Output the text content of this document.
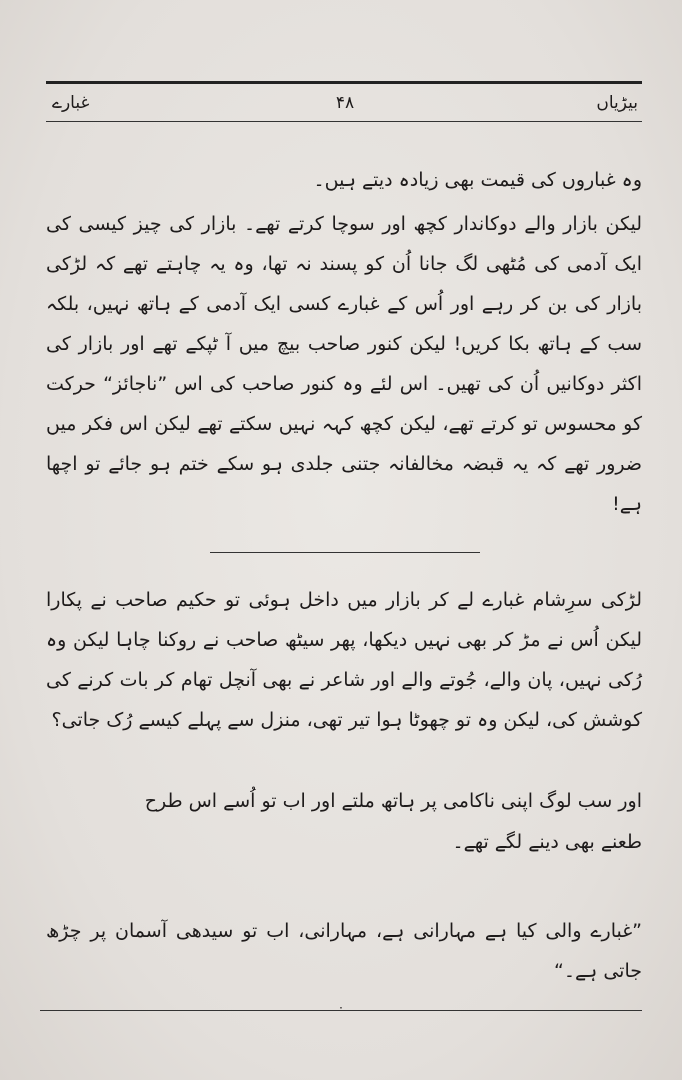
بیڑیاں
۴۸
غبارے
وہ غباروں کی قیمت بھی زیادہ دیتے ہیں۔
لیکن بازار والے دوکاندار کچھ اور سوچا کرتے تھے۔ بازار کی چیز کیسی کی ایک آدمی کی مُٹھی لگ جانا اُن کو پسند نہ تھا، وہ یہ چاہتے تھے کہ لڑکی بازار کی بن کر رہے اور اُس کے غبارے کسی ایک آدمی کے ہاتھ نہیں، بلکہ سب کے ہاتھ بکا کریں! لیکن کنور صاحب بیچ میں آ ٹپکے تھے اور بازار کی اکثر دوکانیں اُن کی تھیں۔ اس لئے وہ کنور صاحب کی اس ”ناجائز“ حرکت کو محسوس تو کرتے تھے، لیکن کچھ کہہ نہیں سکتے تھے لیکن اس فکر میں ضرور تھے کہ یہ قبضہ مخالفانہ جتنی جلدی ہو سکے ختم ہو جائے تو اچھا ہے!
لڑکی سرِشام غبارے لے کر بازار میں داخل ہوئی تو حکیم صاحب نے پکارا لیکن اُس نے مڑ کر بھی نہیں دیکھا، پھر سیٹھ صاحب نے روکنا چاہا لیکن وہ رُکی نہیں، پان والے، جُوتے والے اور شاعر نے بھی آنچل تھام کر بات کرنے کی کوشش کی، لیکن وہ تو چھوٹا ہوا تیر تھی، منزل سے پہلے کیسے رُک جاتی؟
اور سب لوگ اپنی ناکامی پر ہاتھ ملتے اور اب تو اُسے اس طرح
طعنے بھی دینے لگے تھے۔
”غبارے والی کیا ہے مہارانی ہے، مہارانی، اب تو سیدھی آسمان پر چڑھ جاتی ہے۔“
۰
